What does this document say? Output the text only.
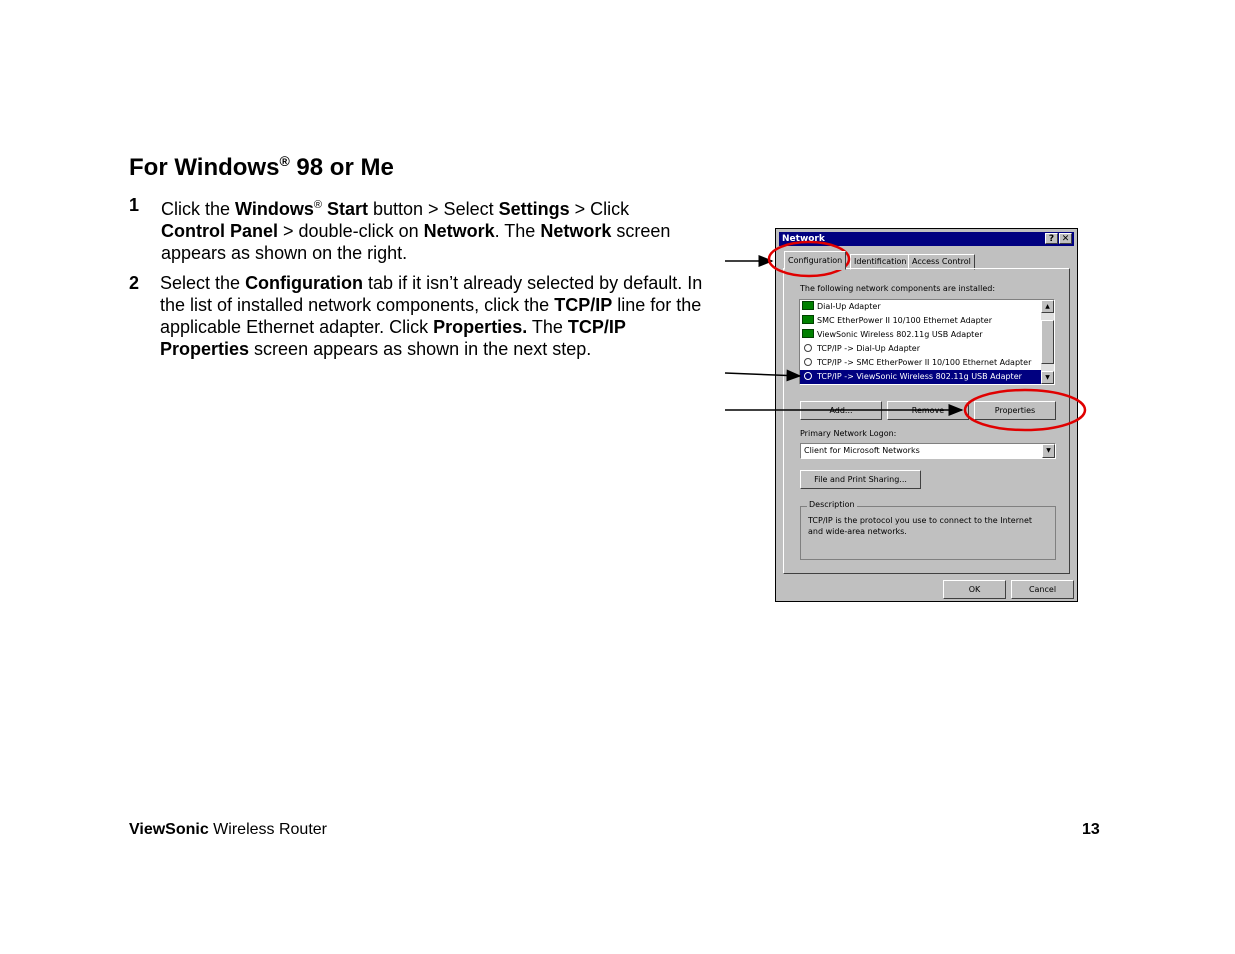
For Windows® 98 or Me
1 Click the Windows® Start button > Select Settings > Click
Control Panel > double-click on Network. The Network screen appears as shown on the right.
2 Select the Configuration tab if it isn’t already selected by default. In the list of installed network components, click the TCP/IP line for the applicable Ethernet adapter. Click Properties. The TCP/IP Properties screen appears as shown in the next step.
Network	? ✕
Configuration	Identification Access Control
The following network components are installed:
Dial-Up Adapter
SMC EtherPower II 10/100 Ethernet Adapter
ViewSonic Wireless 802.11g USB Adapter
TCP/IP -> Dial-Up Adapter
TCP/IP -> SMC EtherPower II 10/100 Ethernet Adapter
TCP/IP -> ViewSonic Wireless 802.11g USB Adapter
▲
▼
Add...	Remove	Properties
Primary Network Logon:
Client for Microsoft Networks	▼
File and Print Sharing...
Description
TCP/IP is the protocol you use to connect to the Internet and wide-area networks.
OK	Cancel
ViewSonic Wireless Router	13
